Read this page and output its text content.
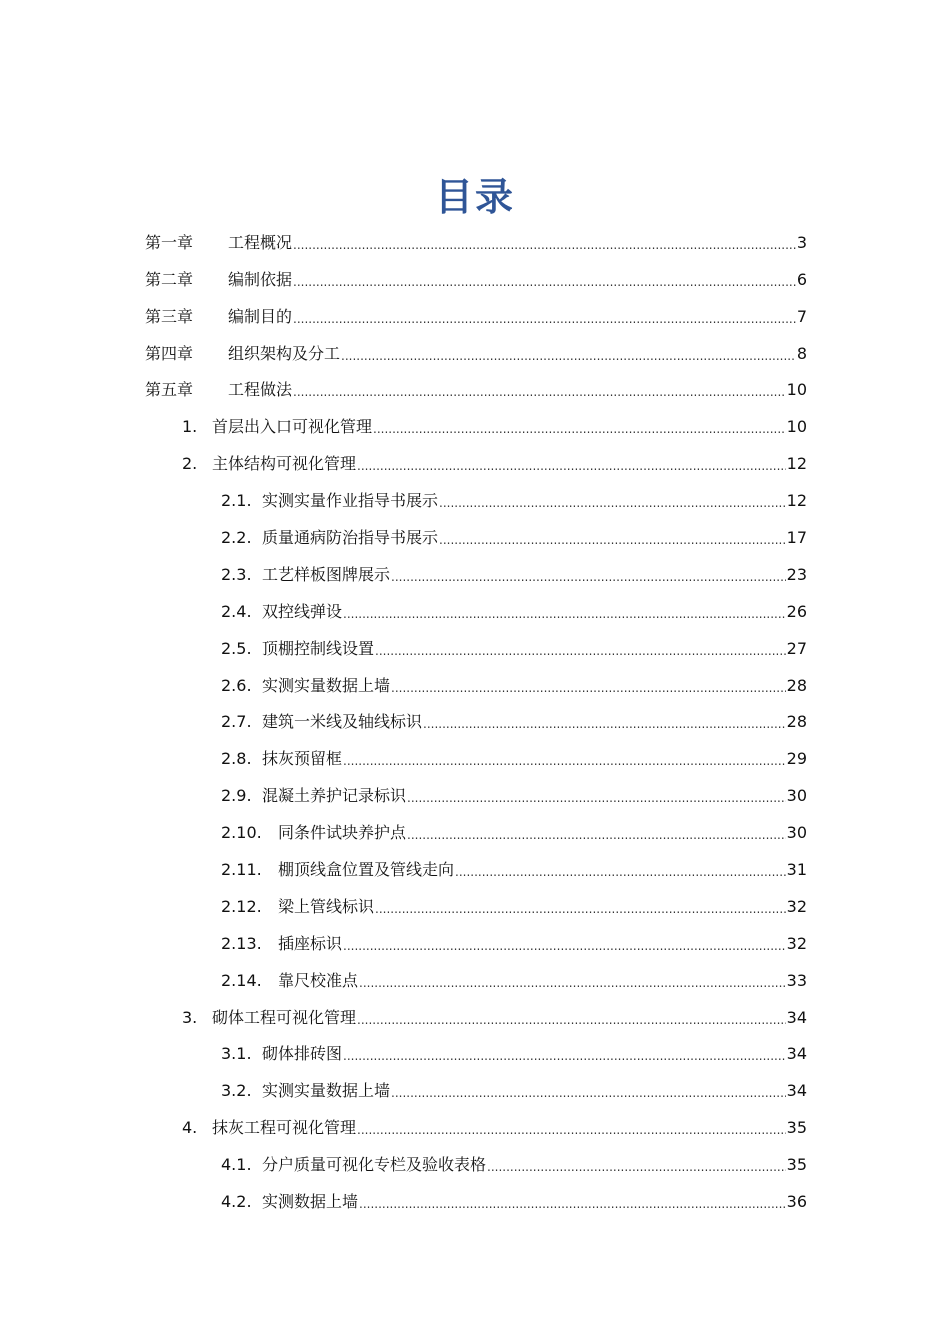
目录
第一章	工程概况 .....	3
第二章	编制依据 .....	6
第三章	编制目的 .....	7
第四章	组织架构及分工 .....	8
第五章	工程做法 .....	10
1. 首层出入口可视化管理 .....	10
2. 主体结构可视化管理 .....	12
2.1. 实测实量作业指导书展示 .....	12
2.2. 质量通病防治指导书展示 .....	17
2.3. 工艺样板图牌展示 .....	23
2.4. 双控线弹设 .....	26
2.5. 顶棚控制线设置 .....	27
2.6. 实测实量数据上墙 .....	28
2.7. 建筑一米线及轴线标识 .....	28
2.8. 抹灰预留框 .....	29
2.9. 混凝土养护记录标识 .....	30
2.10.	同条件试块养护点 .....	30
2.11.	棚顶线盒位置及管线走向 .....	31
2.12.	梁上管线标识 .....	32
2.13.	插座标识 .....	32
2.14.	靠尺校准点 .....	33
3. 砌体工程可视化管理 .....	34
3.1. 砌体排砖图 .....	34
3.2. 实测实量数据上墙 .....	34
4. 抹灰工程可视化管理 .....	35
4.1. 分户质量可视化专栏及验收表格 .....	35
4.2. 实测数据上墙 .....	36
